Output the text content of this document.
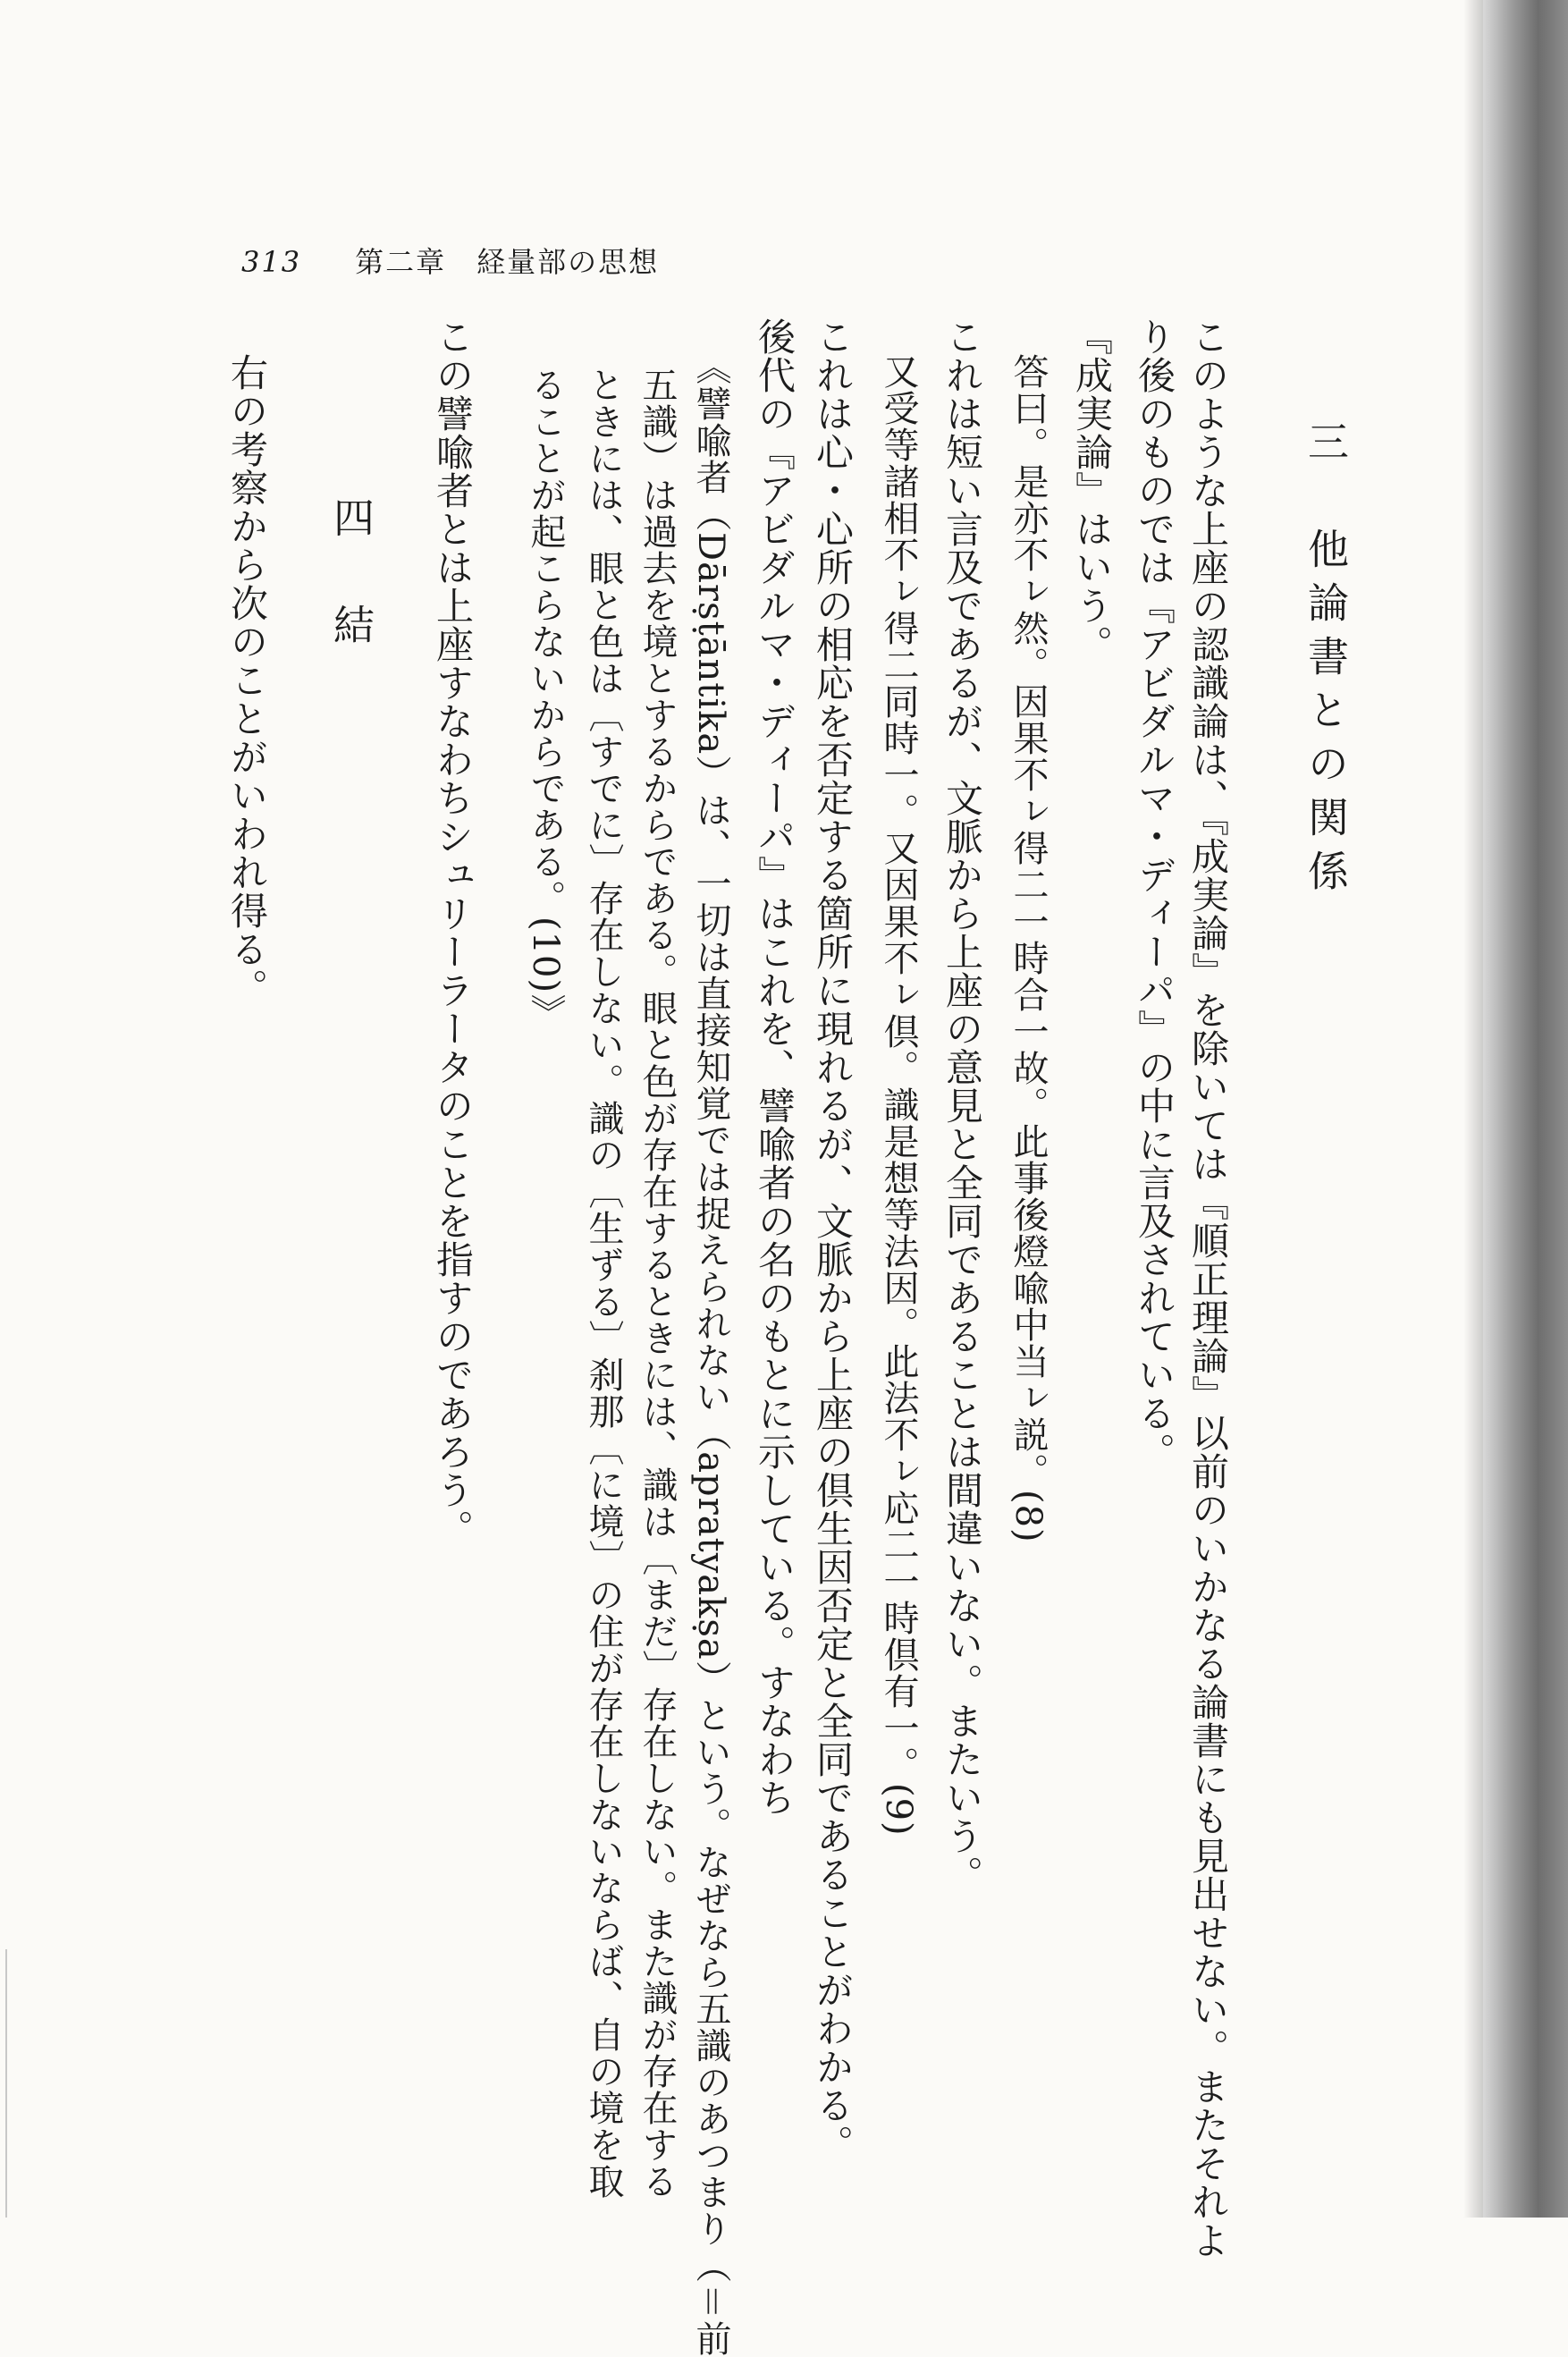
313 第二章　経量部の思想
三　他論書との関係
このような上座の認識論は、『成実論』を除いては『順正理論』以前のいかなる論書にも見出せない。またそれよ
り後のものでは『アビダルマ・ディーパ』の中に言及されている。
『成実論』はいう。
答曰。是亦不ㇾ然。因果不ㇾ得二一時合一故。此事後燈喩中当ㇾ説。(8)
これは短い言及であるが、文脈から上座の意見と全同であることは間違いない。またいう。
又受等諸相不ㇾ得二同時一。又因果不ㇾ倶。識是想等法因。此法不ㇾ応二一時倶有一。(9)
これは心・心所の相応を否定する箇所に現れるが、文脈から上座の倶生因否定と全同であることがわかる。
後代の『アビダルマ・ディーパ』はこれを、譬喩者の名のもとに示している。すなわち
《譬喩者（Dārṣṭāntika）は、一切は直接知覚では捉えられない（apratyakṣa）という。なぜなら五識のあつまり（＝前
五識）は過去を境とするからである。眼と色が存在するときには、識は〔まだ〕存在しない。また識が存在する
ときには、眼と色は〔すでに〕存在しない。識の〔生ずる〕刹那〔に境〕の住が存在しないならば、自の境を取
ることが起こらないからである。(10)》
この譬喩者とは上座すなわちシュリーラータのことを指すのであろう。
四　結
右の考察から次のことがいわれ得る。
